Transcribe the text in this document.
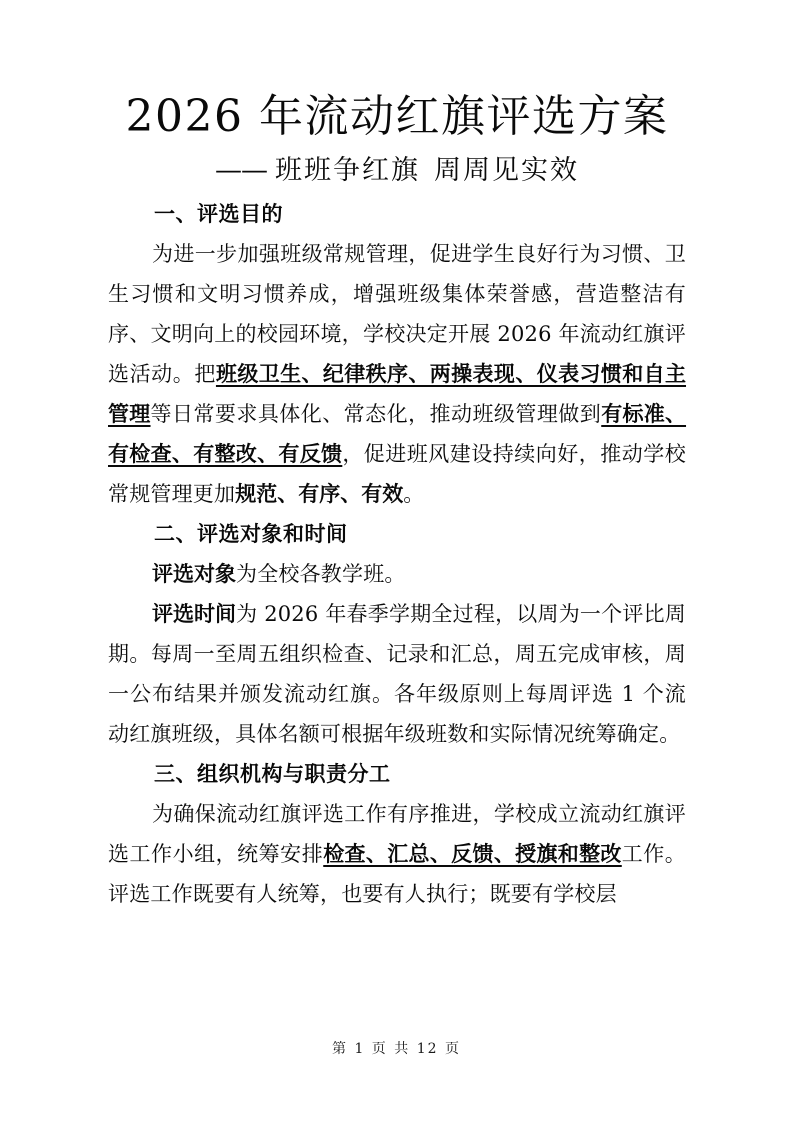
2026 年流动红旗评选方案
—— 班班争红旗 周周见实效
一、评选目的

为进一步加强班级常规管理，促进学生良好行为习惯、卫生习惯和文明习惯养成，增强班级集体荣誉感，营造整洁有序、文明向上的校园环境，学校决定开展 2026 年流动红旗评选活动。把班级卫生、纪律秩序、两操表现、仪表习惯和自主管理等日常要求具体化、常态化，推动班级管理做到有标准、有检查、有整改、有反馈，促进班风建设持续向好，推动学校常规管理更加规范、有序、有效。

二、评选对象和时间

评选对象为全校各教学班。

评选时间为 2026 年春季学期全过程，以周为一个评比周期。每周一至周五组织检查、记录和汇总，周五完成审核，周一公布结果并颁发流动红旗。各年级原则上每周评选 1 个流动红旗班级，具体名额可根据年级班数和实际情况统筹确定。

三、组织机构与职责分工

为确保流动红旗评选工作有序推进，学校成立流动红旗评选工作小组，统筹安排检查、汇总、反馈、授旗和整改工作。评选工作既要有人统筹，也要有人执行；既要有学校层

第 1 页 共 12 页
